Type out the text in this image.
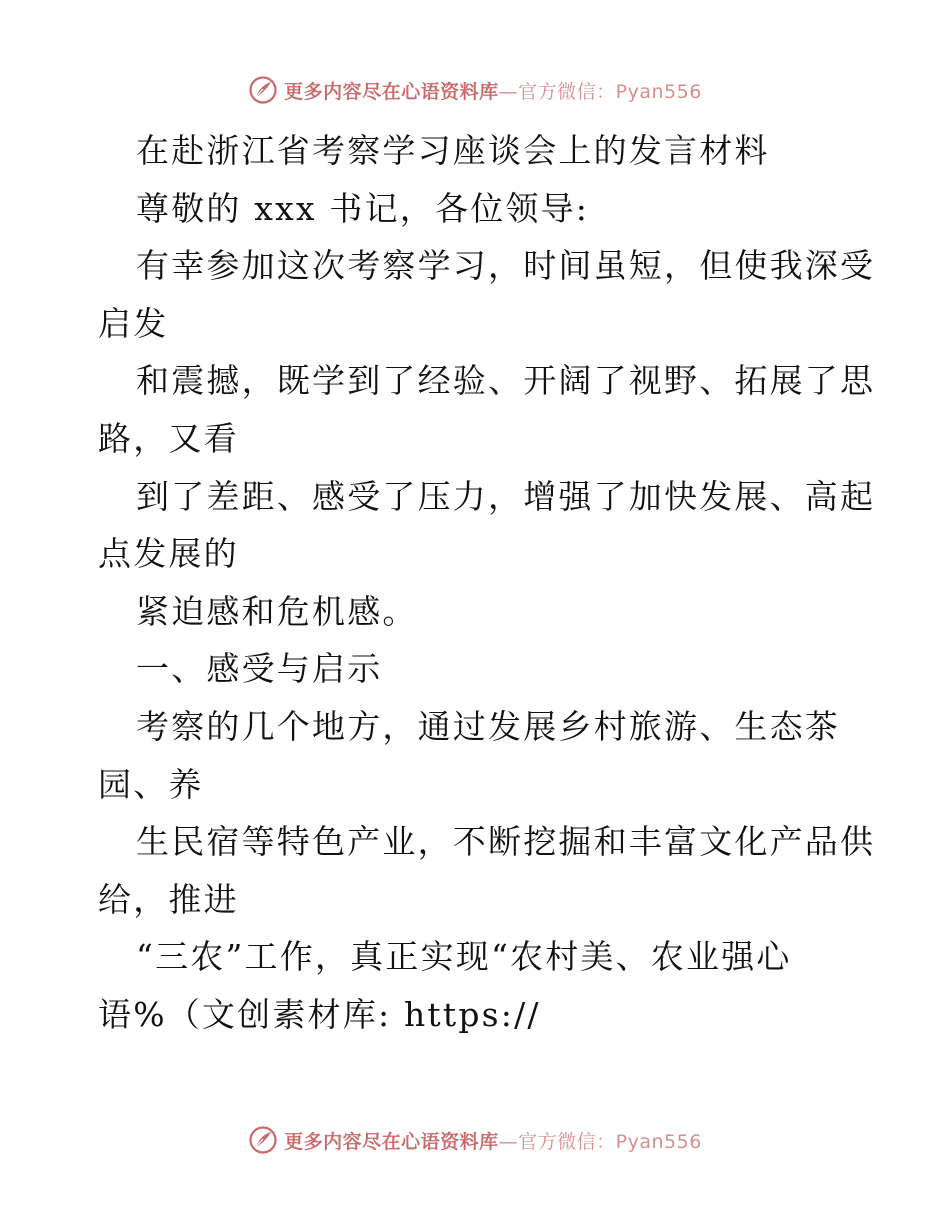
更多内容尽在心语资料库—官方微信：Pyan556
在赴浙江省考察学习座谈会上的发言材料
尊敬的 xxx 书记，各位领导:
有幸参加这次考察学习，时间虽短，但使我深受
启发
和震撼，既学到了经验、开阔了视野、拓展了思
路，又看
到了差距、感受了压力，增强了加快发展、高起
点发展的
紧迫感和危机感。
一、感受与启示
考察的几个地方，通过发展乡村旅游、生态茶
园、养
生民宿等特色产业，不断挖掘和丰富文化产品供
给，推进
“三农”工作，真正实现“农村美、农业强心
语%（文创素材库: https://
更多内容尽在心语资料库—官方微信：Pyan556
